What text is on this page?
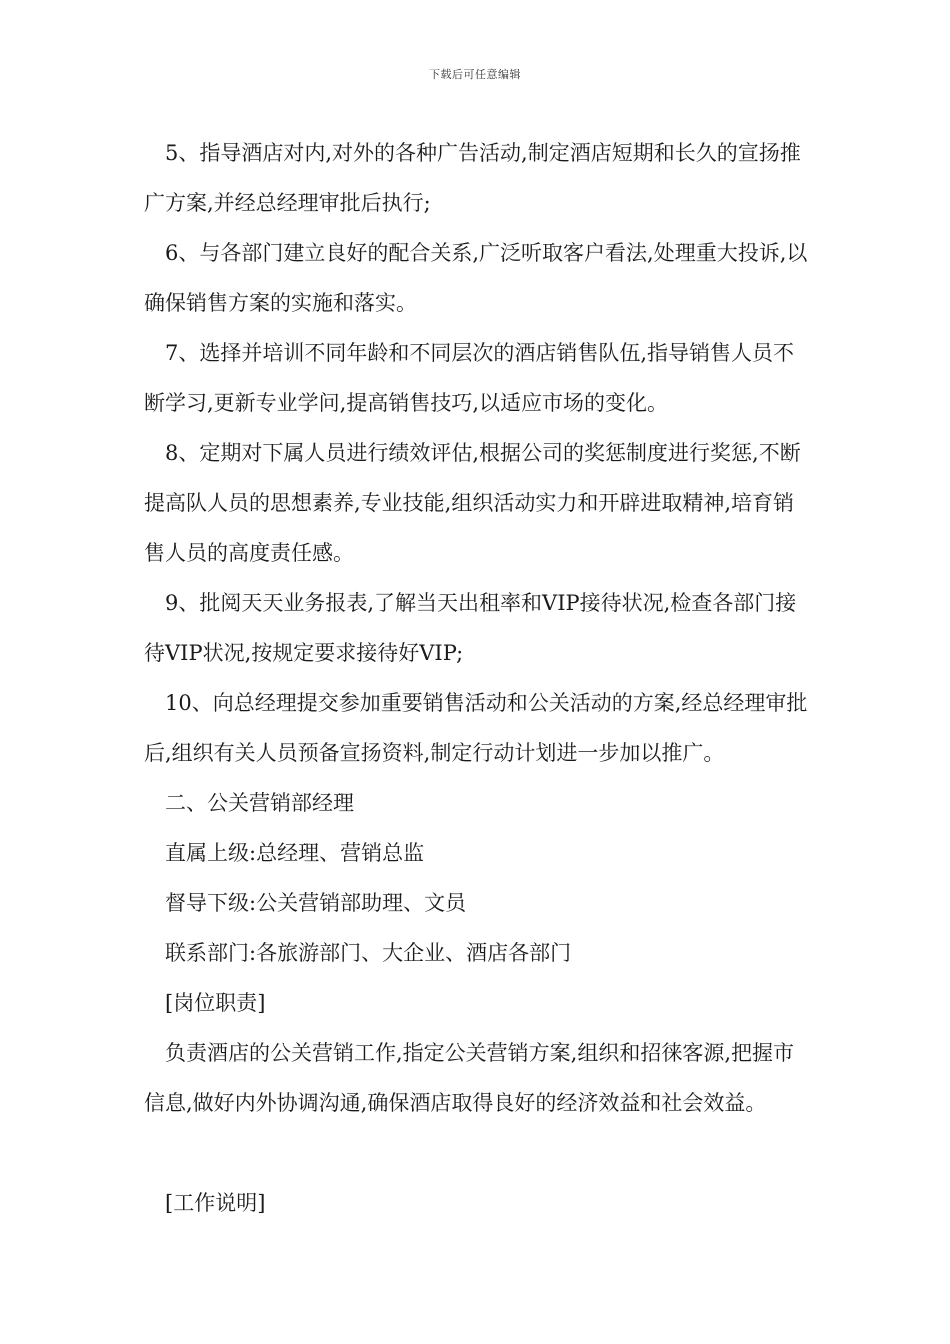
下载后可任意编辑

5、指导酒店对内,对外的各种广告活动,制定酒店短期和长久的宣扬推广方案,并经总经理审批后执行;

6、与各部门建立良好的配合关系,广泛听取客户看法,处理重大投诉,以确保销售方案的实施和落实。

7、选择并培训不同年龄和不同层次的酒店销售队伍,指导销售人员不断学习,更新专业学问,提高销售技巧,以适应市场的变化。

8、定期对下属人员进行绩效评估,根据公司的奖惩制度进行奖惩,不断提高队人员的思想素养,专业技能,组织活动实力和开辟进取精神,培育销售人员的高度责任感。

9、批阅天天业务报表,了解当天出租率和VIP接待状况,检查各部门接待VIP状况,按规定要求接待好VIP;

10、向总经理提交参加重要销售活动和公关活动的方案,经总经理审批后,组织有关人员预备宣扬资料,制定行动计划进一步加以推广。

二、公关营销部经理

直属上级:总经理、营销总监

督导下级:公关营销部助理、文员

联系部门:各旅游部门、大企业、酒店各部门

[岗位职责]

负责酒店的公关营销工作,指定公关营销方案,组织和招徕客源,把握市信息,做好内外协调沟通,确保酒店取得良好的经济效益和社会效益。

[工作说明]
